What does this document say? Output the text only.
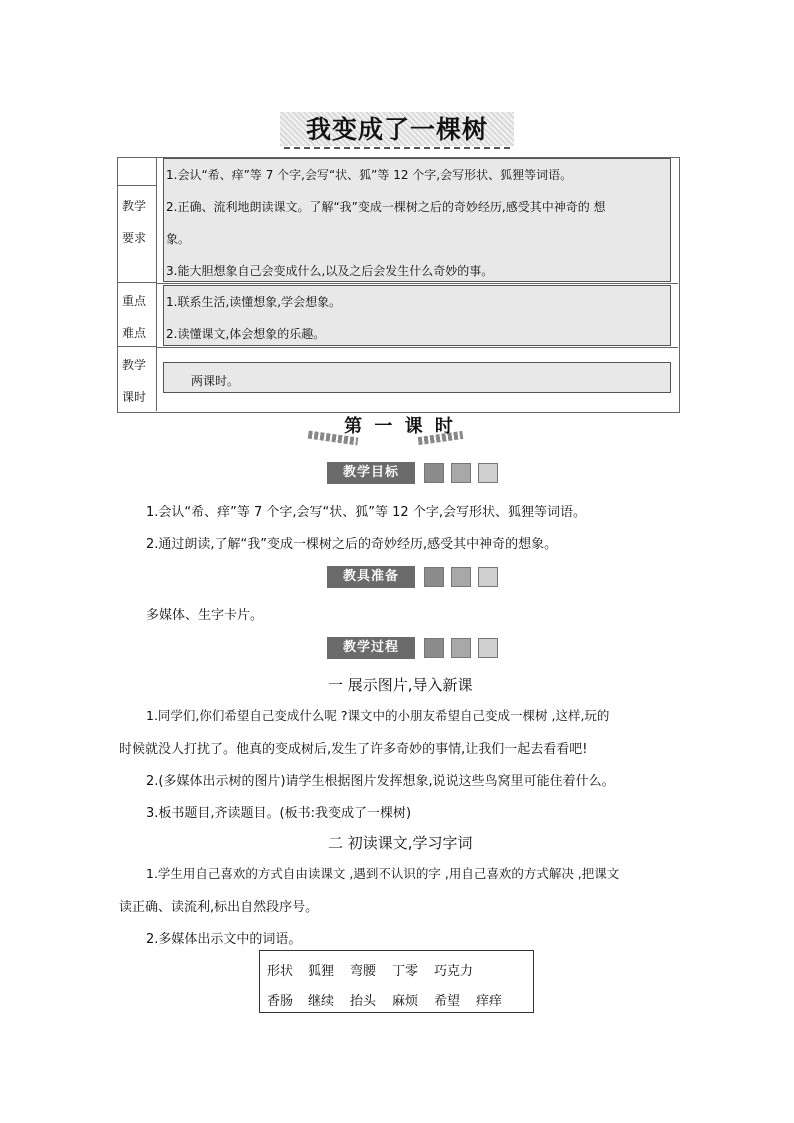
我变成了一棵树
教学
要求
重点
难点
教学
课时
1.会认“希、痒”等 7 个字,会写“状、狐”等 12 个字,会写形状、狐狸等词语。
2.正确、流利地朗读课文。了解“我”变成一棵树之后的奇妙经历,感受其中神奇的 想
象。
3.能大胆想象自己会变成什么,以及之后会发生什么奇妙的事。
1.联系生活,读懂想象,学会想象。
2.读懂课文,体会想象的乐趣。
两课时。
第 一 课 时
教学目标
1.会认“希、痒”等 7 个字,会写“状、狐”等 12 个字,会写形状、狐狸等词语。
2.通过朗读,了解“我”变成一棵树之后的奇妙经历,感受其中神奇的想象。
教具准备
多媒体、生字卡片。
教学过程
一 展示图片,导入新课
1.同学们,你们希望自己变成什么呢 ?课文中的小朋友希望自己变成一棵树 ,这样,玩的
时候就没人打扰了。他真的变成树后,发生了许多奇妙的事情,让我们一起去看看吧!
2.(多媒体出示树的图片)请学生根据图片发挥想象,说说这些鸟窝里可能住着什么。
3.板书题目,齐读题目。(板书:我变成了一棵树)
二 初读课文,学习字词
1.学生用自己喜欢的方式自由读课文 ,遇到不认识的字 ,用自己喜欢的方式解决 ,把课文
读正确、读流利,标出自然段序号。
2.多媒体出示文中的词语。
形状 狐狸 弯腰 丁零 巧克力
香肠 继续 抬头 麻烦 希望 痒痒
